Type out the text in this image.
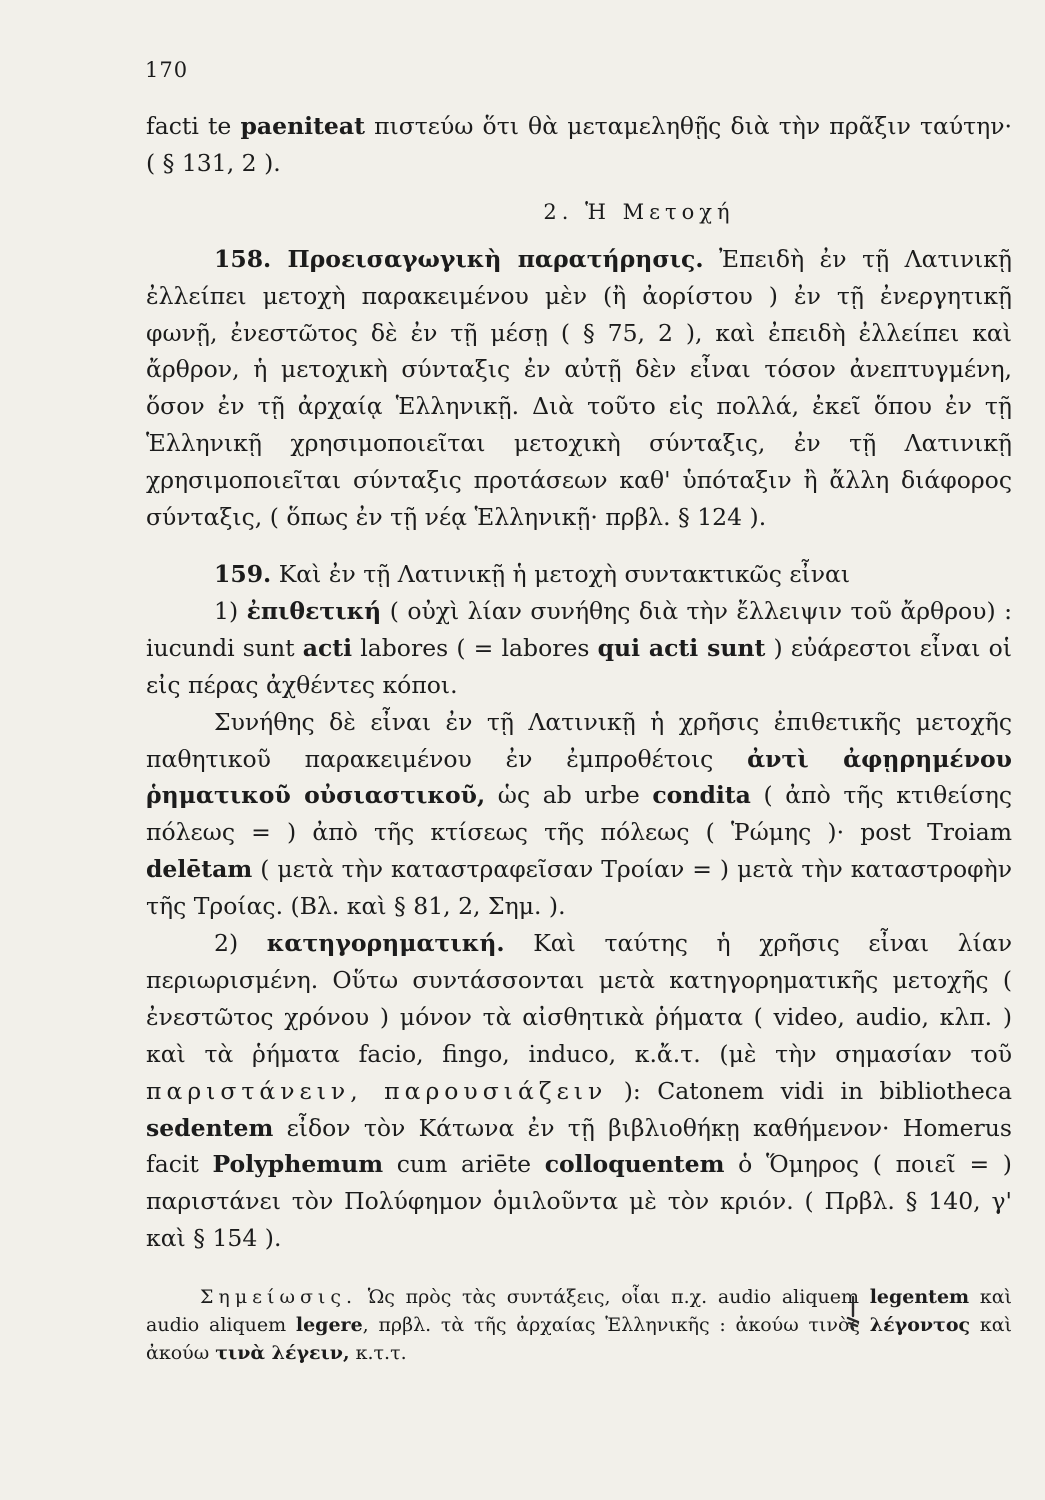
170

facti te paeniteat πιστεύω ὅτι θὰ μεταμεληθῇς διὰ τὴν πρᾶξιν ταύτην· ( § 131, 2 ).

2. Ἡ Μετοχή

158. Προεισαγωγικὴ παρατήρησις. Ἐπειδὴ ἐν τῇ Λατινικῇ ἐλλείπει μετοχὴ παρακειμένου μὲν (ἢ ἀορίστου ) ἐν τῇ ἐνεργητικῇ φωνῇ, ἐνεστῶτος δὲ ἐν τῇ μέσῃ ( § 75, 2 ), καὶ ἐπειδὴ ἐλλείπει καὶ ἄρθρον, ἡ μετοχικὴ σύνταξις ἐν αὐτῇ δὲν εἶναι τόσον ἀνεπτυγμένη, ὅσον ἐν τῇ ἀρχαίᾳ Ἑλληνικῇ. Διὰ τοῦτο εἰς πολλά, ἐκεῖ ὅπου ἐν τῇ Ἑλληνικῇ χρησιμοποιεῖται μετοχικὴ σύνταξις, ἐν τῇ Λατινικῇ χρησιμοποιεῖται σύνταξις προτάσεων καθ' ὑπόταξιν ἢ ἄλλη διάφορος σύνταξις, ( ὅπως ἐν τῇ νέᾳ Ἑλληνικῇ· πρβλ. § 124 ).

159. Καὶ ἐν τῇ Λατινικῇ ἡ μετοχὴ συντακτικῶς εἶναι

1) ἐπιθετική ( οὐχὶ λίαν συνήθης διὰ τὴν ἔλλειψιν τοῦ ἄρθρου) : iucundi sunt acti labores ( = labores qui acti sunt ) εὐάρεστοι εἶναι οἱ εἰς πέρας ἀχθέντες κόποι.

Συνήθης δὲ εἶναι ἐν τῇ Λατινικῇ ἡ χρῆσις ἐπιθετικῆς μετοχῆς παθητικοῦ παρακειμένου ἐν ἐμπροθέτοις ἀντὶ ἀφῃρημένου ῥηματικοῦ οὐσιαστικοῦ, ὡς ab urbe condita ( ἀπὸ τῆς κτιθείσης πόλεως = ) ἀπὸ τῆς κτίσεως τῆς πόλεως ( Ῥώμης )· post Troiam delētam ( μετὰ τὴν καταστραφεῖσαν Τροίαν = ) μετὰ τὴν καταστροφὴν τῆς Τροίας. (Βλ. καὶ § 81, 2, Σημ. ).

2) κατηγορηματική. Καὶ ταύτης ἡ χρῆσις εἶναι λίαν περιωρισμένη. Οὕτω συντάσσονται μετὰ κατηγορηματικῆς μετοχῆς ( ἐνεστῶτος χρόνου ) μόνον τὰ αἰσθητικὰ ῥήματα ( video, audio, κλπ. ) καὶ τὰ ῥήματα facio, fingo, induco, κ.ἄ.τ. (μὲ τὴν σημασίαν τοῦ παριστάνειν, παρουσιάζειν ): Catonem vidi in bibliotheca sedentem εἶδον τὸν Κάτωνα ἐν τῇ βιβλιοθήκῃ καθήμενον· Homerus facit Polyphemum cum ariēte colloquentem ὁ Ὅμηρος ( ποιεῖ = ) παριστάνει τὸν Πολύφημον ὁμιλοῦντα μὲ τὸν κριόν. ( Πρβλ. § 140, γ' καὶ § 154 ).

Σημείωσις. Ὡς πρὸς τὰς συντάξεις, οἷαι π.χ. audio aliquem legentem καὶ audio aliquem legere, πρβλ. τὰ τῆς ἀρχαίας Ἑλληνικῆς : ἀκούω τινὸς λέγοντος καὶ ἀκούω τινὰ λέγειν, κ.τ.τ.
